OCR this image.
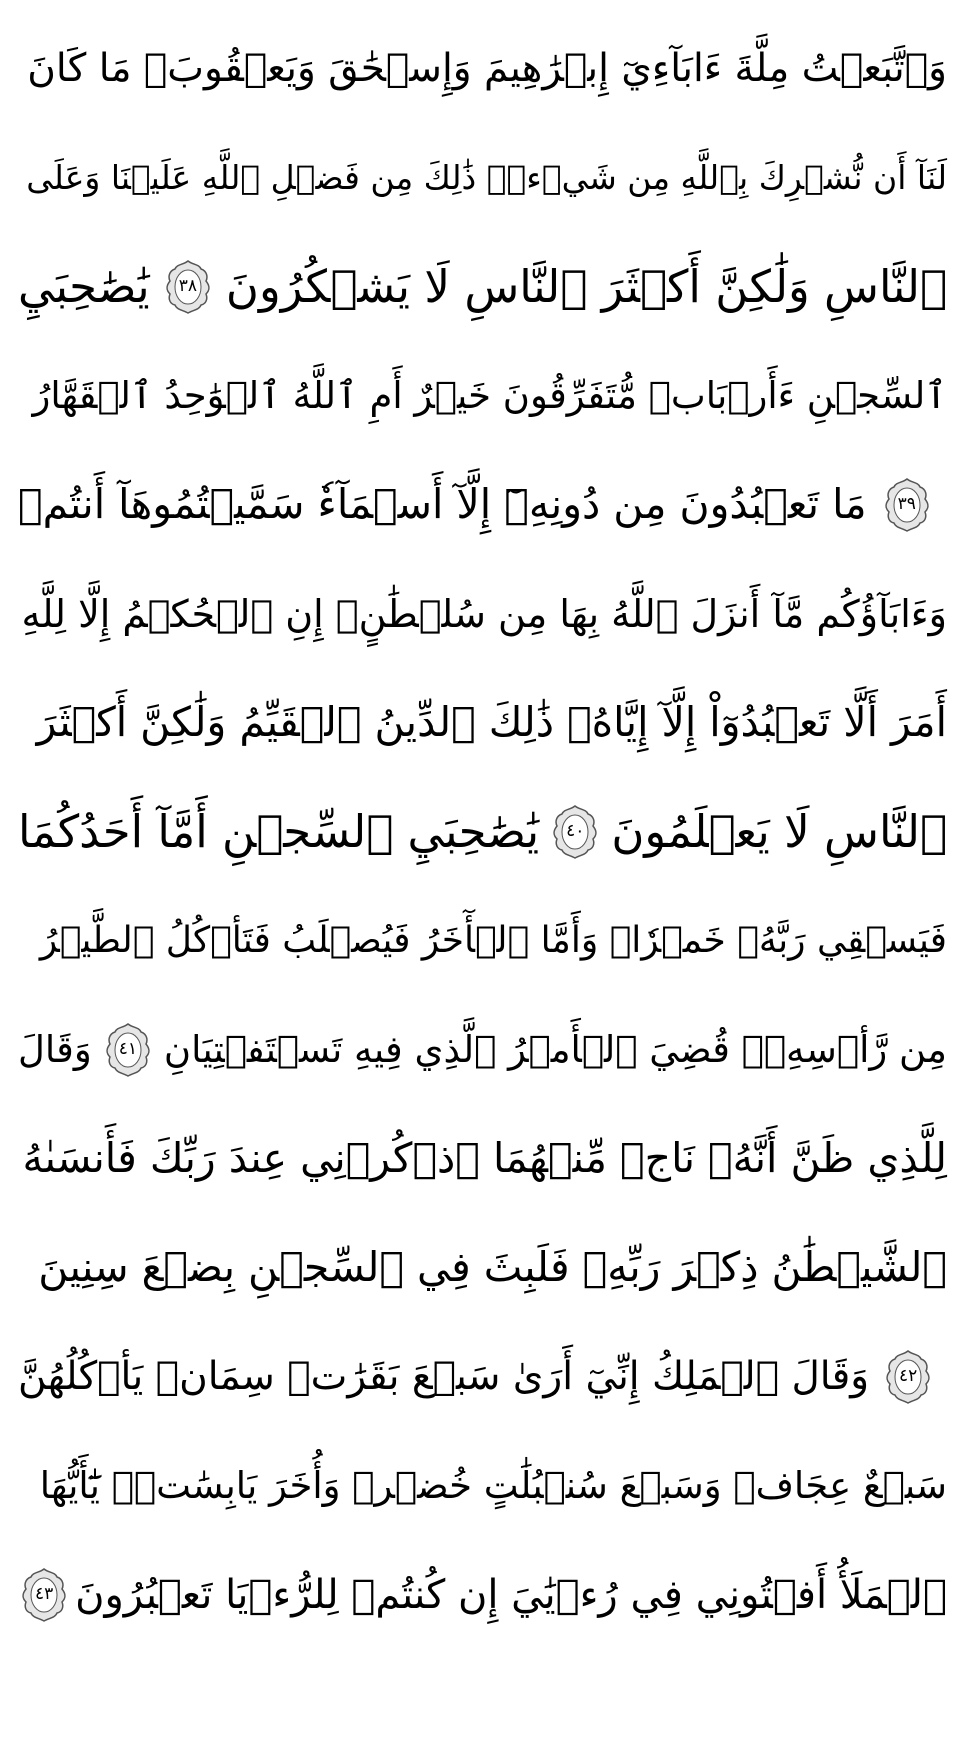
وَٱتَّبَعۡتُ مِلَّةَ ءَابَآءِيٓ إِبۡرَٰهِيمَ وَإِسۡحَٰقَ وَيَعۡقُوبَۚ مَا كَانَ
لَنَآ أَن نُّشۡرِكَ بِٱللَّهِ مِن شَيۡءٖۚ ذَٰلِكَ مِن فَضۡلِ ٱللَّهِ عَلَيۡنَا وَعَلَى
ٱلنَّاسِ وَلَٰكِنَّ أَكۡثَرَ ٱلنَّاسِ لَا يَشۡكُرُونَ
٣٨
يَٰصَٰحِبَيِ
ٱلسِّجۡنِ ءَأَرۡبَابٞ مُّتَفَرِّقُونَ خَيۡرٌ أَمِ ٱللَّهُ ٱلۡوَٰحِدُ ٱلۡقَهَّارُ
٣٩
مَا تَعۡبُدُونَ مِن دُونِهِۦٓ إِلَّآ أَسۡمَآءٗ سَمَّيۡتُمُوهَآ أَنتُمۡ
وَءَابَآؤُكُم مَّآ أَنزَلَ ٱللَّهُ بِهَا مِن سُلۡطَٰنٍۚ إِنِ ٱلۡحُكۡمُ إِلَّا لِلَّهِ
أَمَرَ أَلَّا تَعۡبُدُوٓاْ إِلَّآ إِيَّاهُۚ ذَٰلِكَ ٱلدِّينُ ٱلۡقَيِّمُ وَلَٰكِنَّ أَكۡثَرَ
ٱلنَّاسِ لَا يَعۡلَمُونَ
٤٠
يَٰصَٰحِبَيِ ٱلسِّجۡنِ أَمَّآ أَحَدُكُمَا
فَيَسۡقِي رَبَّهُۥ خَمۡرٗاۖ وَأَمَّا ٱلۡأٓخَرُ فَيُصۡلَبُ فَتَأۡكُلُ ٱلطَّيۡرُ
مِن رَّأۡسِهِۦۚ قُضِيَ ٱلۡأَمۡرُ ٱلَّذِي فِيهِ تَسۡتَفۡتِيَانِ
٤١
وَقَالَ
لِلَّذِي ظَنَّ أَنَّهُۥ نَاجٖ مِّنۡهُمَا ٱذۡكُرۡنِي عِندَ رَبِّكَ فَأَنسَىٰهُ
ٱلشَّيۡطَٰنُ ذِكۡرَ رَبِّهِۦ فَلَبِثَ فِي ٱلسِّجۡنِ بِضۡعَ سِنِينَ
٤٢
وَقَالَ ٱلۡمَلِكُ إِنِّيٓ أَرَىٰ سَبۡعَ بَقَرَٰتٖ سِمَانٖ يَأۡكُلُهُنَّ
سَبۡعٌ عِجَافٞ وَسَبۡعَ سُنۢبُلَٰتٍ خُضۡرٖ وَأُخَرَ يَابِسَٰتٖۖ يَٰٓأَيُّهَا
ٱلۡمَلَأُ أَفۡتُونِي فِي رُءۡيَٰيَ إِن كُنتُمۡ لِلرُّءۡيَا تَعۡبُرُونَ
٤٣
